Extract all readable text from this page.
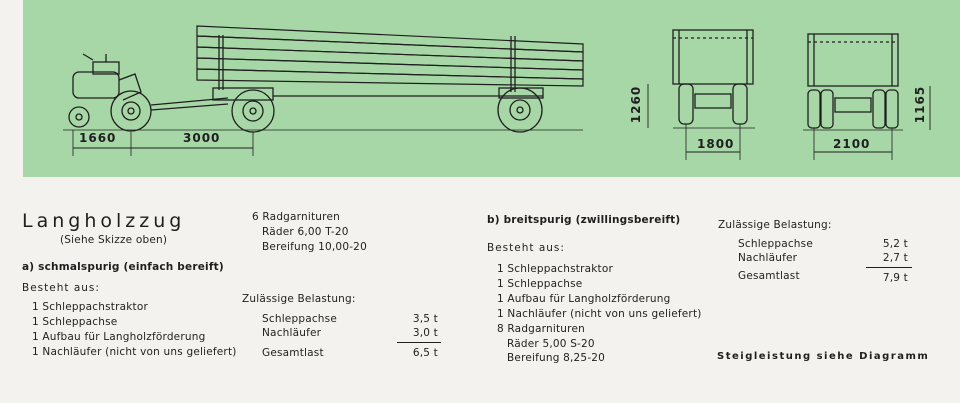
1660	3000
1260
1800
1165
2100
Langholzzug
(Siehe Skizze oben)
a) schmalspurig (einfach bereift)
Besteht aus:
1 Schleppachstraktor
1 Schleppachse
1 Aufbau für Langholzförderung
1 Nachläufer (nicht von uns geliefert)
6 Radgarnituren
Räder 6,00 T-20
Bereifung 10,00-20
Zulässige Belastung:
Schleppachse	3,5 t
Nachläufer	3,0 t
Gesamtlast	6,5 t
b) breitspurig (zwillingsbereift)
Besteht aus:
1 Schleppachstraktor
1 Schleppachse
1 Aufbau für Langholzförderung
1 Nachläufer (nicht von uns geliefert)
8 Radgarnituren
Räder 5,00 S-20
Bereifung 8,25-20
Zulässige Belastung:
Schleppachse	5,2 t
Nachläufer	2,7 t
Gesamtlast	7,9 t
Steigleistung siehe Diagramm
